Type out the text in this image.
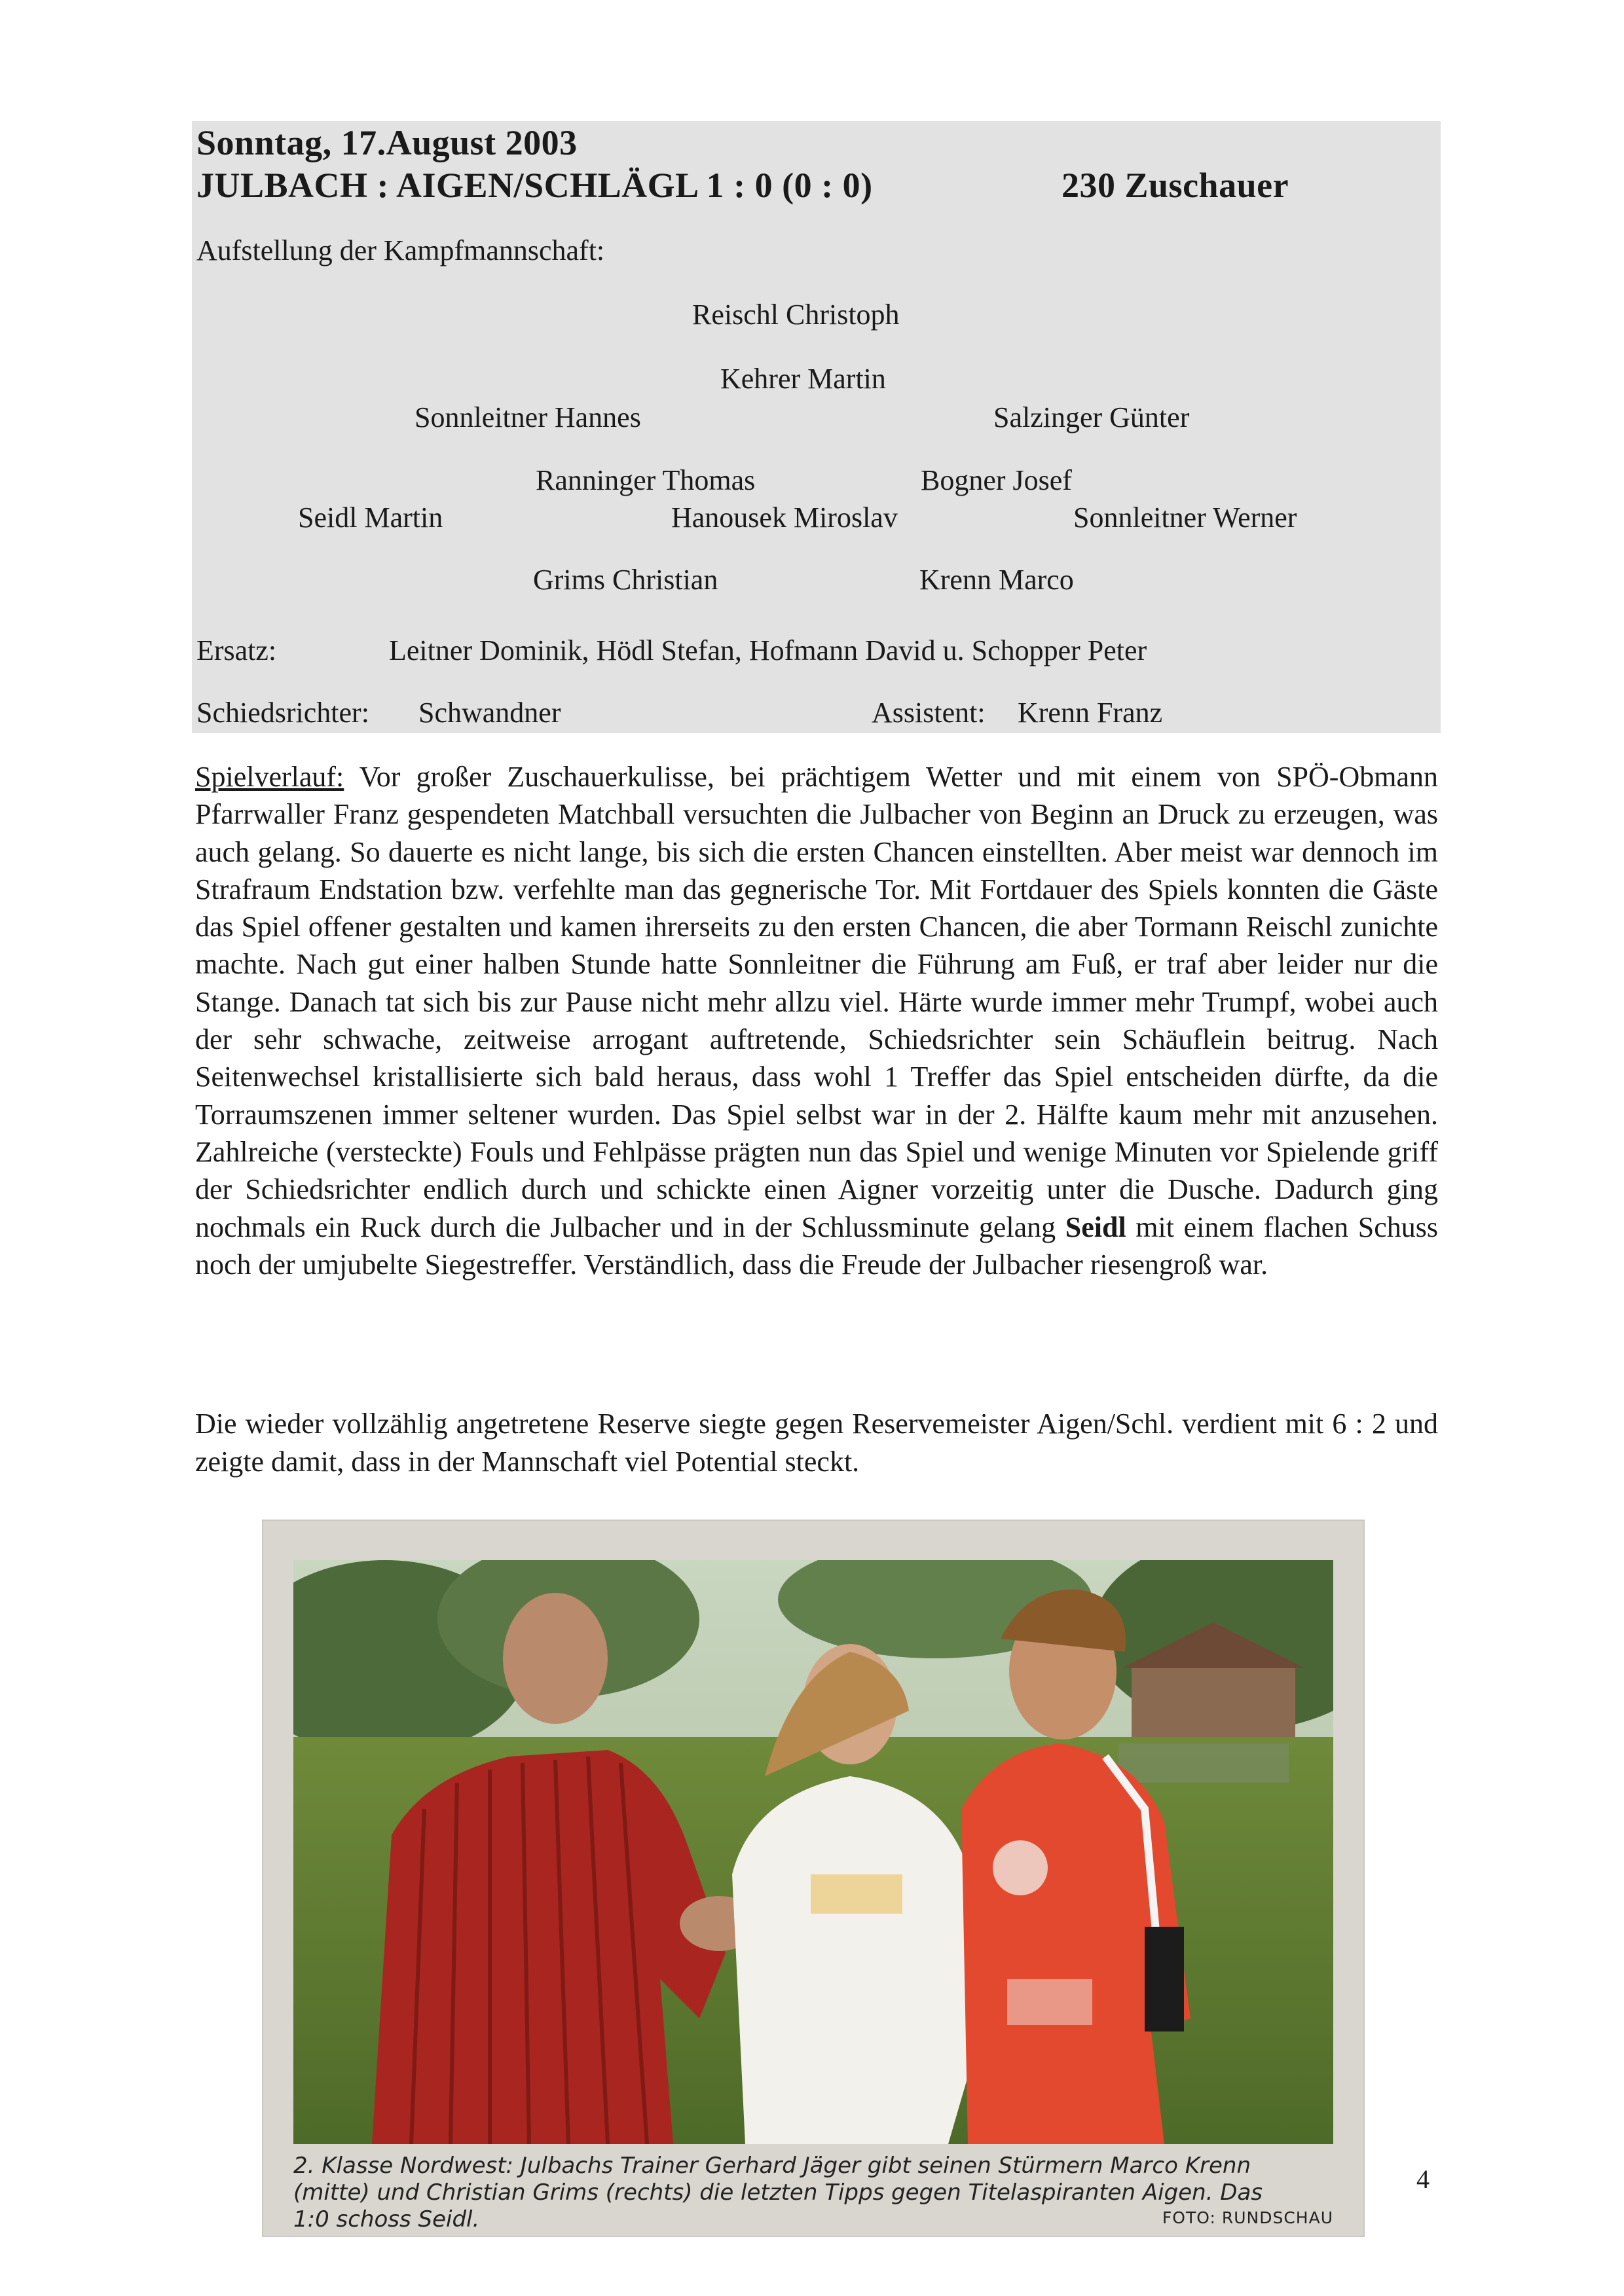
Sonntag, 17.August 2003
JULBACH : AIGEN/SCHLÄGL 1 : 0 (0 : 0)	230 Zuschauer
Aufstellung der Kampfmannschaft:
Reischl Christoph
Kehrer Martin
Sonnleitner Hannes	Salzinger Günter
Ranninger Thomas	Bogner Josef
Seidl Martin	Hanousek Miroslav	Sonnleitner Werner
Grims Christian	Krenn Marco
Ersatz:	Leitner Dominik, Hödl Stefan, Hofmann David u. Schopper Peter
Schiedsrichter: Schwandner	Assistent: Krenn Franz

Spielverlauf: Vor großer Zuschauerkulisse, bei prächtigem Wetter und mit einem von SPÖ-Obmann Pfarrwaller Franz gespendeten Matchball versuchten die Julbacher von Beginn an Druck zu erzeugen, was auch gelang. So dauerte es nicht lange, bis sich die ersten Chancen einstellten. Aber meist war dennoch im Strafraum Endstation bzw. verfehlte man das gegnerische Tor. Mit Fortdauer des Spiels konnten die Gäste das Spiel offener gestalten und kamen ihrerseits zu den ersten Chancen, die aber Tormann Reischl zunichte machte. Nach gut einer halben Stunde hatte Sonnleitner die Führung am Fuß, er traf aber leider nur die Stange. Danach tat sich bis zur Pause nicht mehr allzu viel. Härte wurde immer mehr Trumpf, wobei auch der sehr schwache, zeitweise arrogant auftretende, Schiedsrichter sein Schäuflein beitrug. Nach Seitenwechsel kristallisierte sich bald heraus, dass wohl 1 Treffer das Spiel entscheiden dürfte, da die Torraumszenen immer seltener wurden. Das Spiel selbst war in der 2. Hälfte kaum mehr mit anzusehen. Zahlreiche (versteckte) Fouls und Fehlpässe prägten nun das Spiel und wenige Minuten vor Spielende griff der Schiedsrichter endlich durch und schickte einen Aigner vorzeitig unter die Dusche. Dadurch ging nochmals ein Ruck durch die Julbacher und in der Schlussminute gelang Seidl mit einem flachen Schuss noch der umjubelte Siegestreffer. Verständlich, dass die Freude der Julbacher riesengroß war.

Die wieder vollzählig angetretene Reserve siegte gegen Reservemeister Aigen/Schl. verdient mit 6 : 2 und zeigte damit, dass in der Mannschaft viel Potential steckt.
2. Klasse Nordwest: Julbachs Trainer Gerhard Jäger gibt seinen Stürmern Marco Krenn
(mitte) und Christian Grims (rechts) die letzten Tipps gegen Titelaspiranten Aigen. Das
1:0 schoss Seidl.	FOTO: RUNDSCHAU
4
